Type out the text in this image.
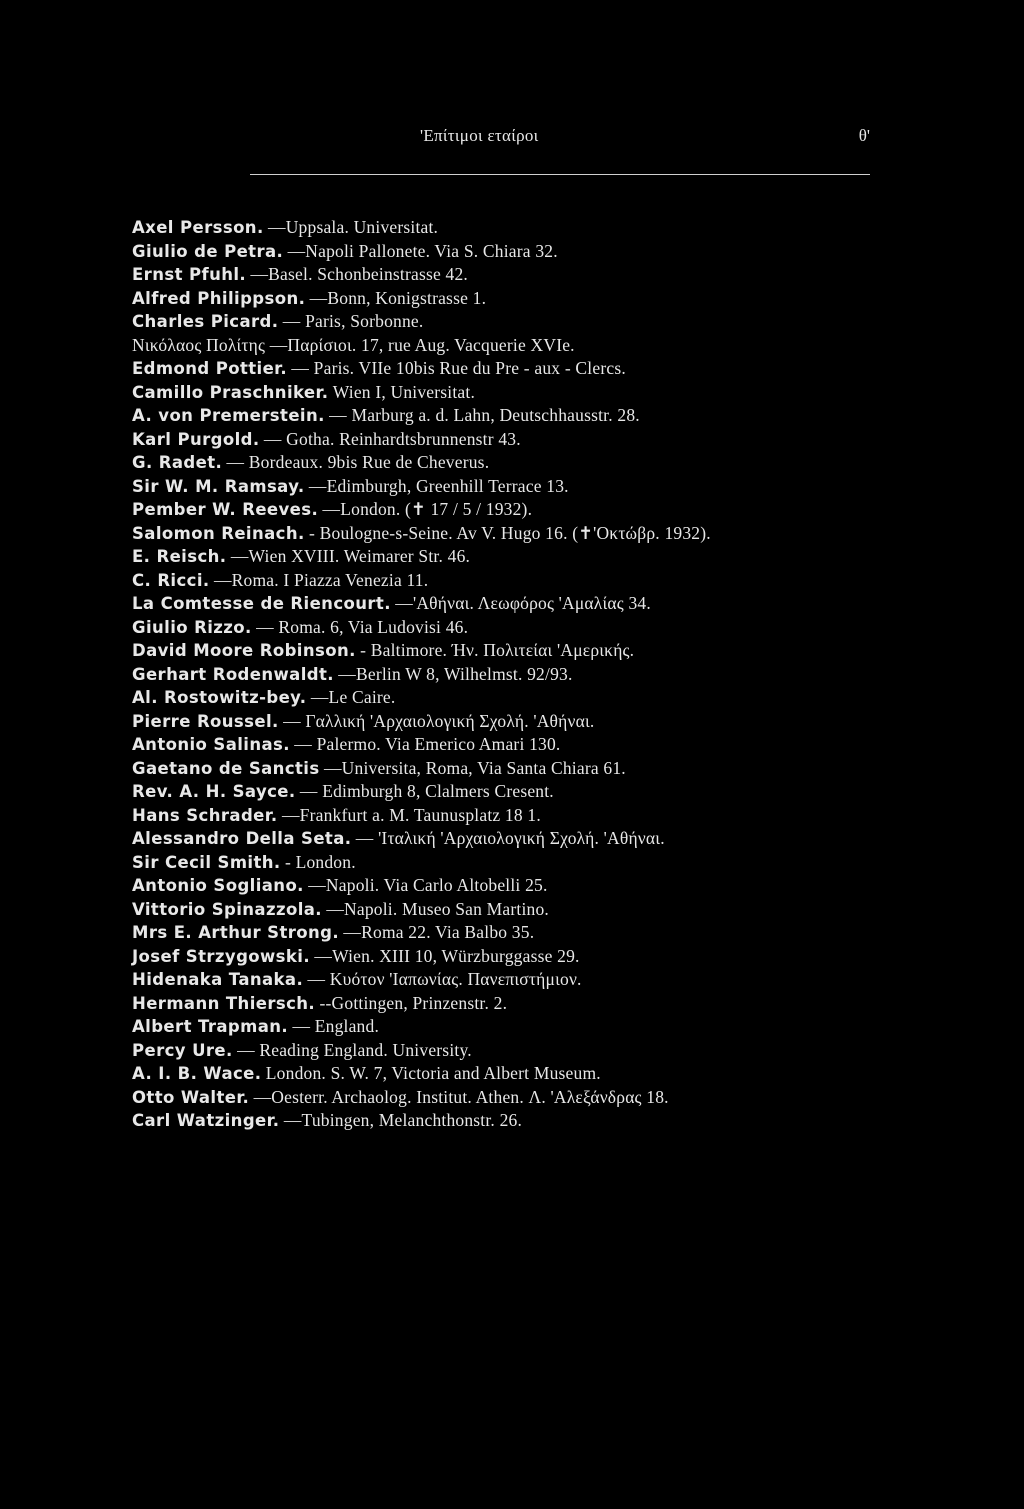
'Επίτιμοι εταίροι	θ'
Axel Persson. —Uppsala. Universitat.
Giulio de Petra. —Napoli Pallonete. Via S. Chiara 32.
Ernst Pfuhl. —Basel. Schonbeinstrasse 42.
Alfred Philippson. —Bonn, Konigstrasse 1.
Charles Picard. — Paris, Sorbonne.
Νικόλαος Πολίτης —Παρίσιοι. 17, rue Aug. Vacquerie XVIe.
Edmond Pottier. — Paris. VIIe 10bis Rue du Pre - aux - Clercs.
Camillo Praschniker. Wien I, Universitat.
A. von Premerstein. — Marburg a. d. Lahn, Deutschhausstr. 28.
Karl Purgold. — Gotha. Reinhardtsbrunnenstr 43.
G. Radet. — Bordeaux. 9bis Rue de Cheverus.
Sir W. M. Ramsay. —Edimburgh, Greenhill Terrace 13.
Pember W. Reeves. —London. (✝ 17 / 5 / 1932).
Salomon Reinach. - Boulogne-s-Seine. Av V. Hugo 16. (✝'Οκτώβρ. 1932).
E. Reisch. —Wien XVIII. Weimarer Str. 46.
C. Ricci. —Roma. I Piazza Venezia 11.
La Comtesse de Riencourt. —'Αθήναι. Λεωφόρος 'Αμαλίας 34.
Giulio Rizzo. — Roma. 6, Via Ludovisi 46.
David Moore Robinson. - Baltimore. Ήν. Πολιτείαι 'Αμερικής.
Gerhart Rodenwaldt. —Berlin W 8, Wilhelmst. 92/93.
Al. Rostowitz-bey. —Le Caire.
Pierre Roussel. — Γαλλική 'Αρχαιολογική Σχολή. 'Αθήναι.
Antonio Salinas. — Palermo. Via Emerico Amari 130.
Gaetano de Sanctis —Universita, Roma, Via Santa Chiara 61.
Rev. A. H. Sayce. — Edimburgh 8, Clalmers Cresent.
Hans Schrader. —Frankfurt a. M. Taunusplatz 18 1.
Alessandro Della Seta. — 'Ιταλική 'Αρχαιολογική Σχολή. 'Αθήναι.
Sir Cecil Smith. - London.
Antonio Sogliano. —Napoli. Via Carlo Altobelli 25.
Vittorio Spinazzola. —Napoli. Museo San Martino.
Mrs E. Arthur Strong. —Roma 22. Via Balbo 35.
Josef Strzygowski. —Wien. XIII 10, Würzburggasse 29.
Hidenaka Tanaka. — Κυότον 'Ιαπωνίας. Πανεπιστήμιον.
Hermann Thiersch. --Gottingen, Prinzenstr. 2.
Albert Trapman. — England.
Percy Ure. — Reading England. University.
A. I. B. Wace. London. S. W. 7, Victoria and Albert Museum.
Otto Walter. —Oesterr. Archaolog. Institut. Athen. Λ. 'Αλεξάνδρας 18.
Carl Watzinger. —Tubingen, Melanchthonstr. 26.
